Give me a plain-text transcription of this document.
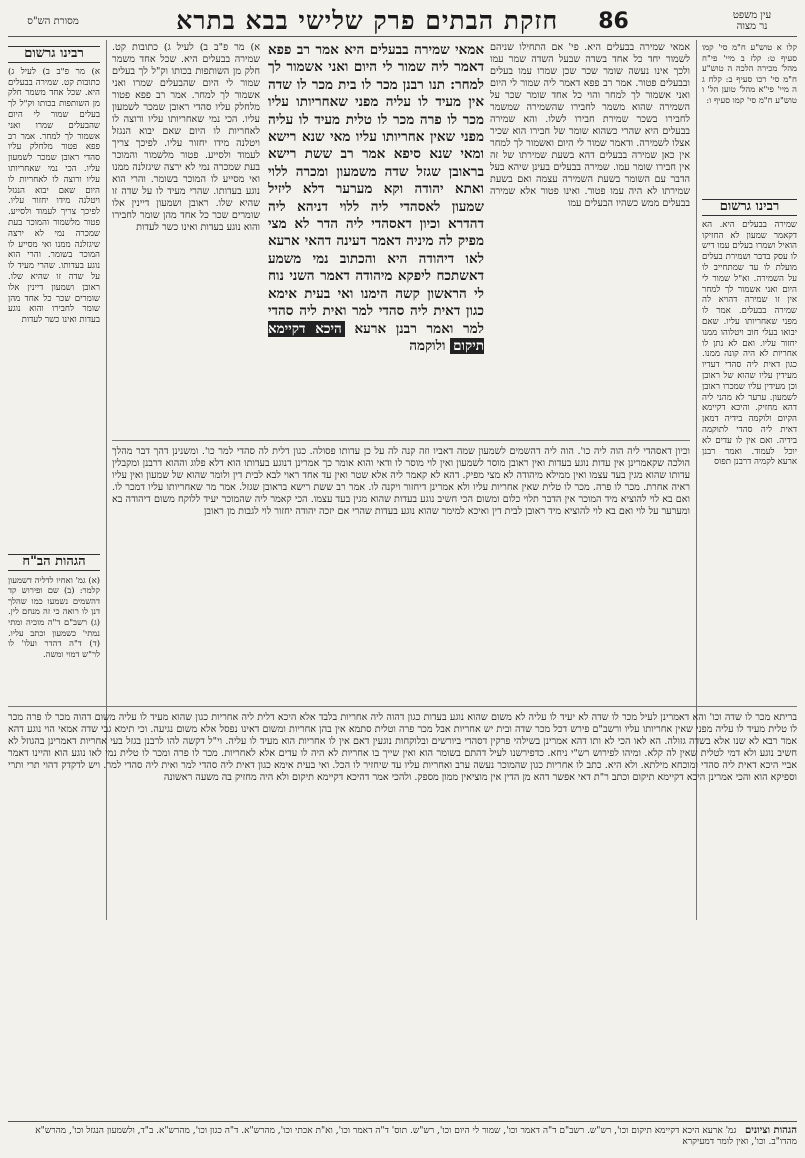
עין משפט
נר מצוה
86
חזקת הבתים פרק שלישי בבא בתרא
מסורת הש"ס

קלו א טוש"ע ח"מ סי' קמו סעיף ט: קלז ב מיי' פי"ח מהל' מכירה הלכה ה טוש"ע ח"מ סי' רכו סעיף ב: קלח ג ה מיי' פי"א מהל' טוען הל' ו טוש"ע ח"מ סי' קמו סעיף ו:

רבינו גרשום

שמירה בבעלים היא. הא דקאמר שמעון לא החזיקו הואיל ושמרו בעלים עמו דיש לו עסק בדבר ושמירת בעלים מועלת לו עד שמתחייב לו על השמירה. וא"ל שמור לי היום ואני אשמור לך למחר אין זו שמירה דהויא לה שמירה בבעלים. אמר לו מפני שאחריותו עליו. שאם יבואו בעלי חוב ויטלוהו ממנו יחזור עליו. ואם לא נתן לו אחריות לא היה קונה ממנו. כגון דאית ליה סהדי דעדיו מעידין עליו שהוא של ראובן וכן מעידין עליו שמכרו ראובן לשמעון. ערער לא מהני ליה דהא מחזיק. והיכא דקיימא הקיום ולוקמה בידיה דמאן דאית ליה סהדי לתוקמה בידיה. ואם אין לו עדים לא יוכל לעמוד. ואמר רבנן ארעא לקמיה דרבנן תפוס

רבינו גרשום

א) מר פ"ב ב) לעיל ג) כתובות קט. שמירה בבעלים היא. שכל אחד משמר חלק מן השותפות בכותו וק"ל לך בעלים שמור לי היום שהבעלים שמרו ואני אשמור לך למחר. אמר רב פפא פטור מלחלק עליו סהדי ראובן שמכר לשמעון עליו. הכי נמי שאחריותו עליו ורוצה לו לאחריות לו היום שאם יבוא הנגזל ויטלנה מידו יחזור עליו. לפיכך צריך לעמוד ולסייע. פטור מלשמור והמוכר בעת שמכרה נמי לא ירצה שיגזלנה ממנו ואי מסייע לו המוכר בשומר. והרי הוא נוגע בעדותו. שהרי מעיד לו על שדה זו שהיא שלו. ראובן ושמעון דיינין אלו שומרים שכר כל אחד מהן שומר לחבירו והוא נוגע בעדות ואינו כשר לעדות

הגהות הב"ח

(א) גמ' ואחיו לדליה דשמעון קלמר: (ב) שם ופירוש קד דהשמים נשמעו כמו שהלך דנן לו רואה כי זה מנחם לין. (ג) רשב"ם ד"ה מוכיה ומתי נמתי' כשמעון וכתב עליו. (ד) ד"ה דהדר ועלו' לו לר"ש דמוי ומשה.

אמאי שמירה בבעלים היא. פי' אם התחילו שניהם לשמור יחד כל אחד בשדה שבעל השדה שמר עמו ולכך אינו נעשה שומר שכר שכן שמרו עמו בעלים ובבעלים פטור. אמר רב פפא דאמר ליה שמור לי היום ואני אשמור לך למחר והוי כל אחד שומר שכר על השמירה שהוא משמר לחבירו שהשמירה שמשמר לחבירו בשכר שמירת חבירו לשלו. והא שמירה בבעלים היא שהרי כשהוא שומר של חבירו הוא שכיר אצלו לשמירה. ודאמר שמור לי היום ואשמור לך למחר אין כאן שמירה בבעלים דהא בשעת שמירתו של זה אין חבירו שומר עמו. שמירה בבעלים בעינן שיהא בעל הדבר עם השומר בשעת השמירה עצמה ואם בשעת שמירתו לא היה עמו פטור. ואינו פטור אלא שמירה בבעלים ממש כשהיו הבעלים עמו

א) מר פ"ב ב) לעיל ג) כתובות קט. שמירה בבעלים היא. שכל אחד משמר חלק מן השותפות בכותו וק"ל לך בעלים שמור לי היום שהבעלים שמרו ואני אשמור לך למחר. אמר רב פפא פטור מלחלק עליו סהדי ראובן שמכר לשמעון עליו. הכי נמי שאחריותו עליו ורוצה לו לאחריות לו היום שאם יבוא הנגזל ויטלנה מידו יחזור עליו. לפיכך צריך לעמוד ולסייע. פטור מלשמור והמוכר בעת שמכרה נמי לא ירצה שיגזלנה ממנו ואי מסייע לו המוכר בשומר. והרי הוא נוגע בעדותו. שהרי מעיד לו על שדה זו שהיא שלו. ראובן ושמעון דיינין אלו שומרים שכר כל אחד מהן שומר לחבירו והוא נוגע בעדות ואינו כשר לעדות

אמאי שמירה בבעלים היא אמר רב פפא דאמר ליה שמור לי היום ואני אשמור לך למחר: תנו רבנן מכר לו בית מכר לו שדה אין מעיד לו עליה מפני שאחריותו עליו מכר לו פרה מכר לו טלית מעיד לו עליה מפני שאין אחריותו עליו מאי שנא רישא ומאי שנא סיפא אמר רב ששת רישא בראובן שגזל שדה משמעון ומכרה ללוי ואתא יהודה וקא מערער דלא ליזיל שמעון לאסהדי ליה ללוי דניהא ליה דהדרא וכיון דאסהדי ליה הדר לא מצי מפיק לה מיניה דאמר דעינה דהאי ארעא לאו דיהודה היא והכתוב נמי משמע דאשתכח ליפקא מיהודה דאמר השני נוח לי הראשון קשה הימנו ואי בעית אימא כגון דאית ליה סהדי למר ואית ליה סהדי למר ואמר רבנן ארעא היכא דקיימא תיקום ולוקמה

וכיון דאסהדי ליה הוה ליה כו'. הוה ליה דהשמים לשמעון שמה דאביו וזה קנה לה על כן עדותו פסולה. כגון דלית לה סהדי למר כו'. ומשנינן דהך דבר מהלך הולכה שקאמרינן אין עדות נוגע בעדות ואין ראובן מוסר לשמעון ואין לוי מוסר לו ודאי והוא אומר כך אמרינן דנוגע בעדותו הוא דלא פלוג וההוא דרבנן ומקבלין עדותו שהוא מגין בעד עצמו ואין ממילא מיהודה לא מצי מפיק. דהא לא קאמר ליה אלא שטר ואין עד אחד ראוי לבא לבית דין ולומר שהוא של שמעון ואין עליו ראיה אחרת. מכר לו פרה. מכר לו טלית שאין אחריות עליו ולא אמרינן דיחזור ויקנה לו. אמר רב ששת רישא בראובן שגזל. אמר מר שאחריותו עליו דמכר לו. ואם בא לוי להוציא מיד המוכר אין הדבר תלוי כלום ומשום הכי חשיב נוגע בעדות שהוא מגין בעד עצמו. הכי קאמר ליה שהמוכר יעיד ללוקח משום דיהודה בא ומערער על לוי ואם בא לוי להוציא מיד ראובן לבית דין ואיכא למימר שהוא נוגע בעדות שהרי אם יזכה יהודה יחזור לוי לגבות מן ראובן

בריתא מכר לו שדה וכו' והא דאמרינן לעיל מכר לו שדה לא יעיד לו עליה לא משום שהוא נוגע בעדות כגון דהוה ליה אחריות בלבד אלא היכא דלית ליה אחריות כגון שהוא מעיד לו עליה משום דהוה מכר לו פרה מכר לו טלית מעיד לו עליה מפני שאין אחריותו עליו ורשב"ם פירש דכל מכר שדה ובית יש אחריות אבל מכר פרה וטלית סתמא אין בהן אחריות ומשום דאינו נפסל אלא משום נגיעה. וכי תימא גבי שדה אמאי הוי נוגע דהא אמר רבא לא שנו אלא בשדה גזולה. הא לאו הכי לא ותו דהא אמרינן בשילהי פרקין דסהדי ביורשים ובלוקחות נוגעין דאם אין לו אחריות הוא מעיד לו עליה. וי"ל דקשה להו לרבנן בגזל בעי אחריות דאמרינן בהגוזל לא חשיב נוגע ולא דמי לטלית שאין לה קלא. ומיהו לפירוש רש"י ניחא. כדפירשנו לעיל דהתם בשומר הוא ואין שייך בו אחריות לא היה לו עדים אלא לאחריות. מכר לו פרה ומכר לו טלית נמי לאו נוגע הוא והיינו דאמר אביי היכא דאית ליה סהדי ומוכחא מילתא. ולא היא. כתב לו אחריות כגון שהמוכר נעשה ערב ואחריות עליו עד שיחזיר לו הכל. ואי בעית אימא כגון דאית ליה סהדי למר ואית ליה סהדי למר. ויש לדקדק דהוי תרי ותרי וספיקא הוא והכי אמרינן היכא דקיימא תיקום וכתב ר"ת דאי אפשר דהא מן הדין אין מוציאין ממון מספק. ולהכי אמר דהיכא דקיימא תיקום ולא היה מחזיק בה משעה ראשונה

הגהות וציונים   גמ' ארעא היכא דקיימא תיקום וכו', רש"ש. רשב"ם ד"ה דאמר וכו', שמור לי היום וכו', רש"ש. תוס' ד"ה דאמר וכו', וא"ת אכתי וכו', מהרש"א. ד"ה כגון וכו', מהרש"א. ב"ד, ולשמעון הנגזל וכו', מהרש"א מהדו"ב. וכו', ואין לומר דמעיקרא
